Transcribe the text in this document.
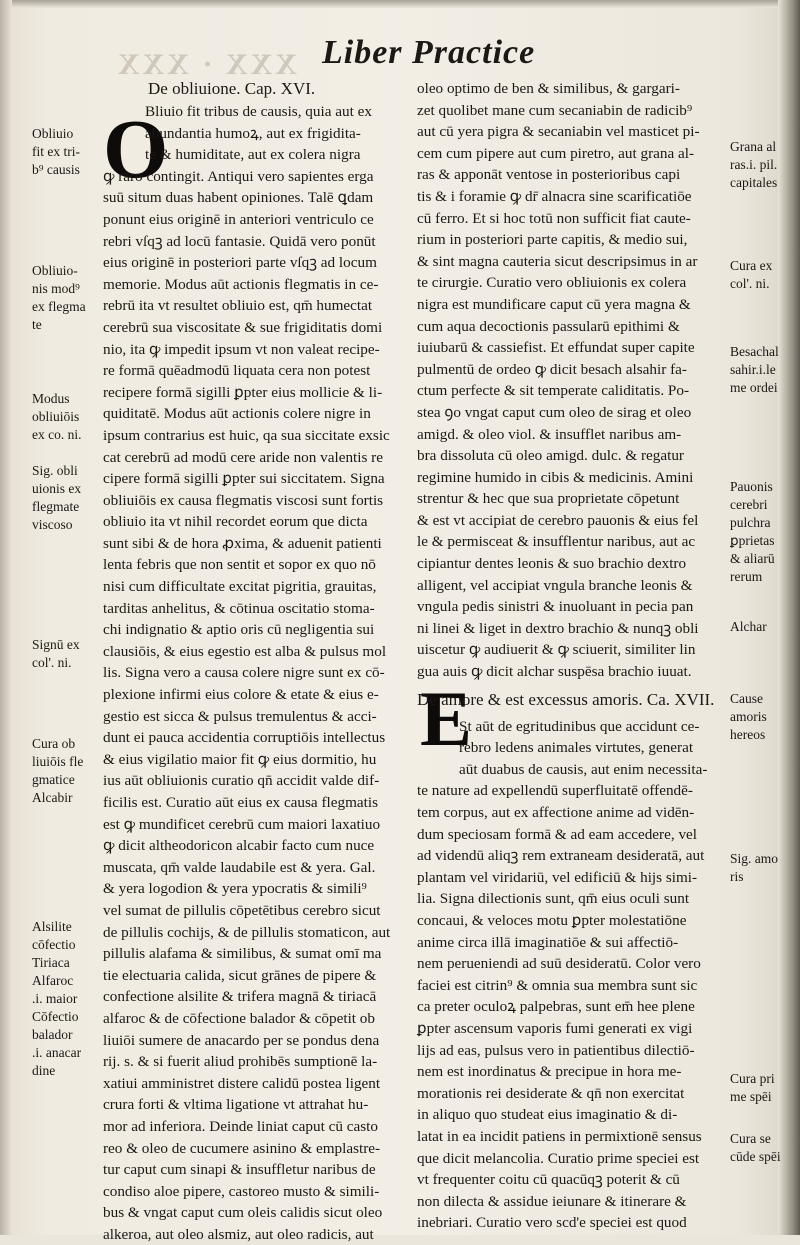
XXX · XXX Liber Practice
O
E
De obliuione. Cap. XVI.
Bliuio fit tribus de causis, quia aut ex
abundantia humoꝝ, aut ex frigidita-
te & humiditate, aut ex colera nigra
ꝙ raro contingit. Antiqui vero sapientes erga
suū situm duas habent opiniones. Talē ꝗdam
ponunt eius originē in anteriori ventriculo ce
rebri vſqꝫ ad locū fantasie. Quidā vero ponūt
eius originē in posteriori parte vſqꝫ ad locum
memorie. Modus aūt actionis flegmatis in ce-
rebrū ita vt resultet obliuio est, qm̄ humectat
cerebrū sua viscositate & sue frigiditatis domi
nio, ita ꝙ impedit ipsum vt non valeat recipe-
re formā quēadmodū liquata cera non potest
recipere formā sigilli ꝑpter eius mollicie & li-
quiditatē. Modus aūt actionis colere nigre in
ipsum contrarius est huic, qa sua siccitate exsic
cat cerebrū ad modū cere aride non valentis re
cipere formā sigilli ꝑpter sui siccitatem. Signa
obliuiōis ex causa flegmatis viscosi sunt fortis
obliuio ita vt nihil recordet eorum que dicta
sunt sibi & de hora ꝓxima, & aduenit patienti
lenta febris que non sentit et sopor ex quo nō
nisi cum difficultate excitat pigritia, grauitas,
tarditas anhelitus, & cōtinua oscitatio stoma-
chi indignatio & aptio oris cū negligentia sui
clausiōis, & eius egestio est alba & pulsus mol
lis. Signa vero a causa colere nigre sunt ex cō-
plexione infirmi eius colore & etate & eius e-
gestio est sicca & pulsus tremulentus & acci-
dunt ei pauca accidentia corruptiōis intellectus
& eius vigilatio maior fit ꝙ eius dormitio, hu
ius aūt obliuionis curatio qn̄ accidit valde dif-
ficilis est. Curatio aūt eius ex causa flegmatis
est ꝙ mundificet cerebrū cum maiori laxatiuo
ꝙ dicit altheodoricon alcabir facto cum nuce
muscata, qm̄ valde laudabile est & yera. Gal.
& yera logodion & yera ypocratis & simili⁹
vel sumat de pillulis cōpetētibus cerebro sicut
de pillulis cochijs, & de pillulis stomaticon, aut
pillulis alafama & similibus, & sumat omī ma
tie electuaria calida, sicut grānes de pipere &
confectione alsilite & trifera magnā & tiriacā
alfaroc & de cōfectione balador & cōpetit ob
liuiōi sumere de anacardo per se pondus dena
rij. s. & si fuerit aliud prohibēs sumptionē la-
xatiui amministret distere calidū postea ligent
crura forti & vltima ligatione vt attrahat hu-
mor ad inferiora. Deinde liniat caput cū casto
reo & oleo de cucumere asinino & emplastre-
tur caput cum sinapi & insuffletur naribus de
condiso aloe pipere, castoreo musto & simili-
bus & vngat caput cum oleis calidis sicut oleo
alkeroa, aut oleo alsmiz, aut oleo radicis, aut
oleo optimo de ben & similibus, & gargari-
zet quolibet mane cum secaniabin de radicib⁹
aut cū yera pigra & secaniabin vel masticet pi-
cem cum pipere aut cum piretro, aut grana al-
ras & apponāt ventose in posterioribus capi
tis & i foramie ꝙ dr̄ alnacra sine scarificatiōe
cū ferro. Et si hoc totū non sufficit fiat caute-
rium in posteriori parte capitis, & medio sui,
& sint magna cauteria sicut descripsimus in ar
te cirurgie. Curatio vero obliuionis ex colera
nigra est mundificare caput cū yera magna &
cum aqua decoctionis passularū epithimi &
iuiubarū & cassiefist. Et effundat super capite
pulmentū de ordeo ꝙ dicit besach alsahir fa-
ctum perfecte & sit temperate caliditatis. Po-
stea ꝯo vngat caput cum oleo de sirag et oleo
amigd. & oleo viol. & insufflet naribus am-
bra dissoluta cū oleo amigd. dulc. & regatur
regimine humido in cibis & medicinis. Amini
strentur & hec que sua proprietate cōpetunt
& est vt accipiat de cerebro pauonis & eius fel
le & permisceat & insufflentur naribus, aut ac
cipiantur dentes leonis & suo brachio dextro
alligent, vel accipiat vngula branche leonis &
vngula pedis sinistri & inuoluant in pecia pan
ni linei & liget in dextro brachio & nunqꝫ obli
uiscetur ꝙ audiuerit & ꝙ sciuerit, similiter lin
gua auis ꝙ dicit alchar suspēsa brachio iuuat.
De amore & est excessus amoris. Ca. XVII.
St aūt de egritudinibus que accidunt ce-
rebro ledens animales virtutes, generat
aūt duabus de causis, aut enim necessita-
te nature ad expellendū superfluitatē offendē-
tem corpus, aut ex affectione anime ad vidēn-
dum speciosam formā & ad eam accedere, vel
ad videndū aliqꝫ rem extraneam desideratā, aut
plantam vel viridariū, vel edificiū & hijs simi-
lia. Signa dilectionis sunt, qm̄ eius oculi sunt
concaui, & veloces motu ꝑpter molestatiōne
anime circa illā imaginatiōe & sui affectiō-
nem perueniendi ad suū desideratū. Color vero
faciei est citrin⁹ & omnia sua membra sunt sic
ca preter oculoꝝ palpebras, sunt em̄ hee plene
ꝑpter ascensum vaporis fumi generati ex vigi
lijs ad eas, pulsus vero in patientibus dilectiō-
nem est inordinatus & precipue in hora me-
morationis rei desiderate & qn̄ non exercitat
in aliquo quo studeat eius imaginatio & di-
latat in ea incidit patiens in permixtionē sensus
que dicit melancolia. Curatio prime speciei est
vt frequenter coitu cū quacūqꝫ poterit & cū
non dilecta & assidue ieiunare & itinerare &
inebriari. Curatio vero scd'e speciei est quod
Obliuio
fit ex tri-
b⁹ causis
Obliuio-
nis mod⁹
ex flegma
te
Modus
obliuiōis
ex co. ni.
Sig. obli
uionis ex
flegmate
viscoso
Signū ex
col'. ni.
Cura ob
liuiōis fle
gmatice
Alcabir
Alsilite
cōfectio
Tiriaca
Alfaroc
.i. maior
Cōfectio
balador
.i. anacar
dine
Grana al
ras.i. pil.
capitales
Cura ex
col'. ni.
Besachal
sahir.i.le
me ordei
Pauonis
cerebri
pulchra
ꝑprietas
& aliarū
rerum
Alchar
Cause
amoris
hereos
Sig. amo
ris
Cura pri
me spēi
Cura se
cūde spēi
